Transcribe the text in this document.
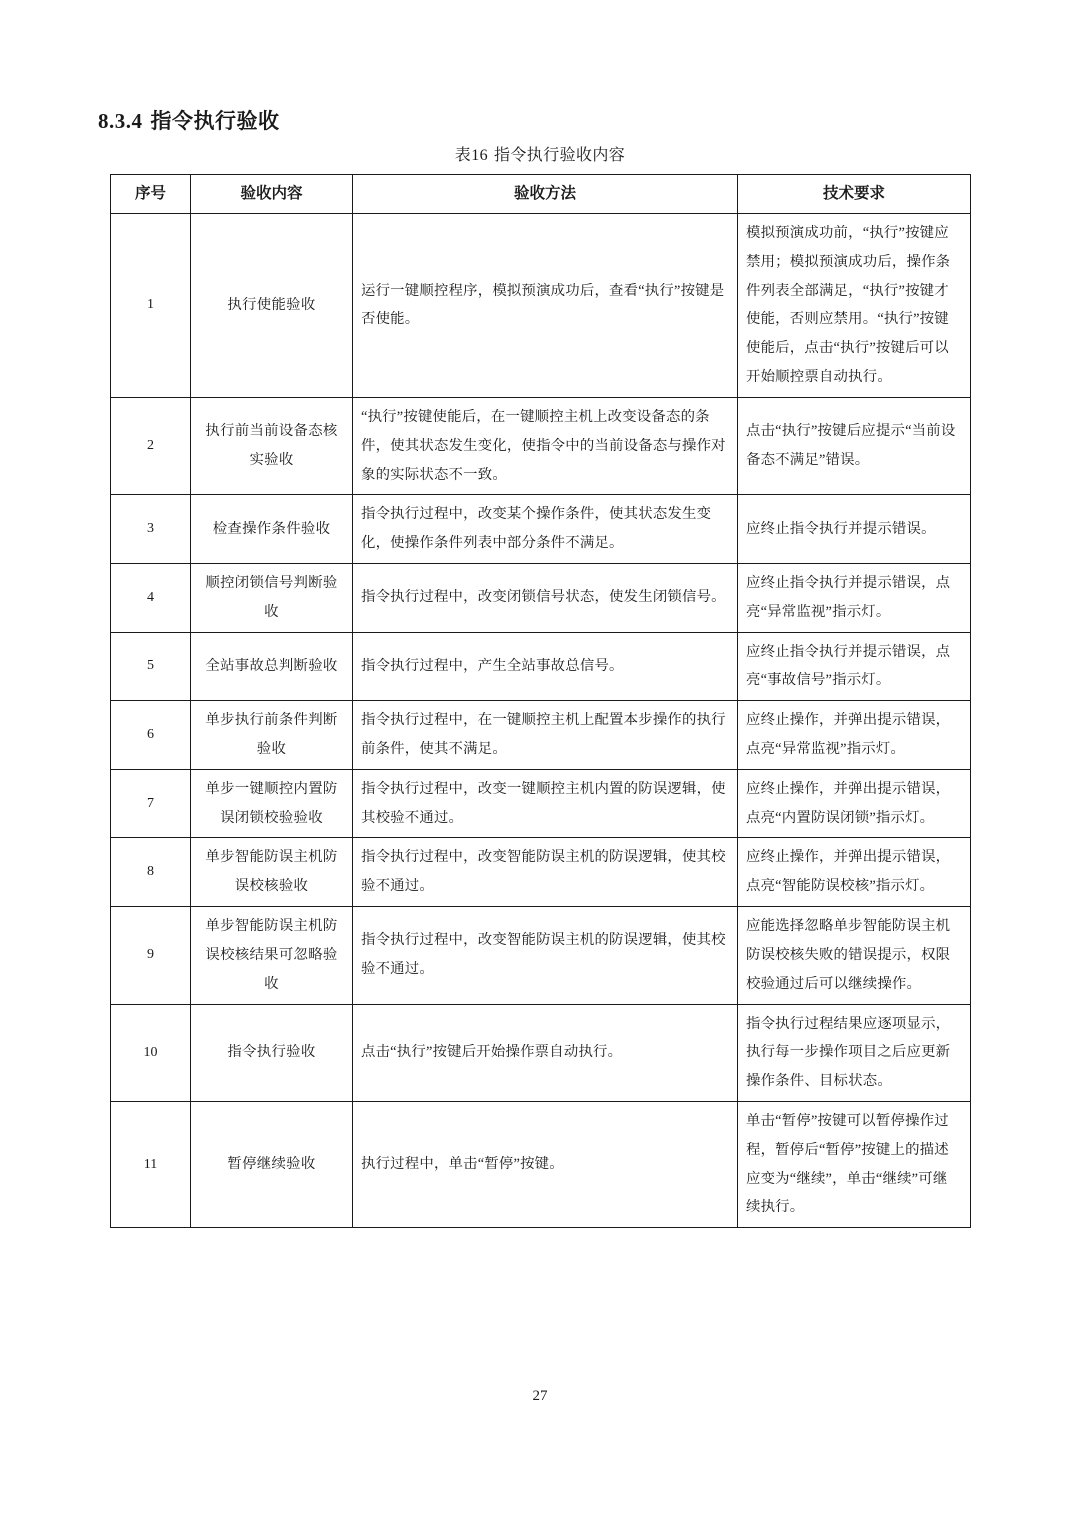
8.3.4 指令执行验收
表16 指令执行验收内容
序号	验收内容	验收方法	技术要求
1	执行使能验收	运行一键顺控程序，模拟预演成功后，查看“执行”按键是否使能。	模拟预演成功前，“执行”按键应禁用；模拟预演成功后，操作条件列表全部满足，“执行”按键才使能，否则应禁用。“执行”按键使能后，点击“执行”按键后可以开始顺控票自动执行。
2	执行前当前设备态核实验收	“执行”按键使能后，在一键顺控主机上改变设备态的条件，使其状态发生变化，使指令中的当前设备态与操作对象的实际状态不一致。	点击“执行”按键后应提示“当前设备态不满足”错误。
3	检查操作条件验收	指令执行过程中，改变某个操作条件，使其状态发生变化，使操作条件列表中部分条件不满足。	应终止指令执行并提示错误。
4	顺控闭锁信号判断验收	指令执行过程中，改变闭锁信号状态，使发生闭锁信号。	应终止指令执行并提示错误，点亮“异常监视”指示灯。
5	全站事故总判断验收	指令执行过程中，产生全站事故总信号。	应终止指令执行并提示错误，点亮“事故信号”指示灯。
6	单步执行前条件判断验收	指令执行过程中，在一键顺控主机上配置本步操作的执行前条件，使其不满足。	应终止操作，并弹出提示错误，点亮“异常监视”指示灯。
7	单步一键顺控内置防误闭锁校验验收	指令执行过程中，改变一键顺控主机内置的防误逻辑，使其校验不通过。	应终止操作，并弹出提示错误，点亮“内置防误闭锁”指示灯。
8	单步智能防误主机防误校核验收	指令执行过程中，改变智能防误主机的防误逻辑，使其校验不通过。	应终止操作，并弹出提示错误，点亮“智能防误校核”指示灯。
9	单步智能防误主机防误校核结果可忽略验收	指令执行过程中，改变智能防误主机的防误逻辑，使其校验不通过。	应能选择忽略单步智能防误主机防误校核失败的错误提示，权限校验通过后可以继续操作。
10	指令执行验收	点击“执行”按键后开始操作票自动执行。	指令执行过程结果应逐项显示，执行每一步操作项目之后应更新操作条件、目标状态。
11	暂停继续验收	执行过程中，单击“暂停”按键。	单击“暂停”按键可以暂停操作过程，暂停后“暂停”按键上的描述应变为“继续”，单击“继续”可继续执行。
27
